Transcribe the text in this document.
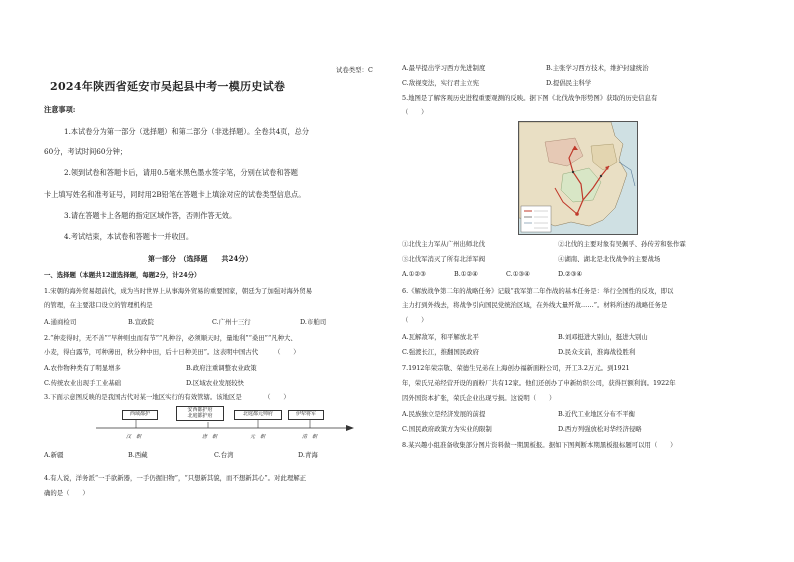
试卷类型：C
2024年陕西省延安市吴起县中考一模历史试卷
注意事项:
1.本试卷分为第一部分（选择题）和第二部分（非选择题）。全卷共4页，总分
60分，考试时间60分钟；
2.领到试卷和答题卡后，请用0.5毫米黑色墨水签字笔，分别在试卷和答题
卡上填写姓名和准考证号，同时用2B铅笔在答题卡上填涂对应的试卷类型信息点。
3.请在答题卡上各题的指定区域作答，否则作答无效。
4.考试结束，本试卷和答题卡一并收回。
第一部分　（选择题　　共24分）
一、选择题（本题共12道选择题，每题2分，计24分）
1.宋朝的海外贸易超前代，成为当时世界上从事海外贸易的重要国家，朝廷为了加强对海外贸易
的管理，在主要港口设立的管理机构是
A.通商检司	B.宣政院	C.广州十三行	D.市舶司
2.“种麦得时，无不善”“早种则虫而有节”“凡种谷，必须顺天时，量地利”“桑田”“凡种大、
小麦，得白露节，可种薄田，秋分种中田，后十日种美田”。这表明中国古代　　　（　　）
A.农作物种类有了明显增多	B.政府注重调整农业政策
C.传统农业出现手工业基础	D.区域农业发展较快
3.下面示意图反映的是我国古代对某一地区实行的有效管辖。该地区是　　　　（　　）
西域都护
安西都护府
北庭都护府	北庭都元帅府	伊犁将军
汉　朝	唐　朝	元　朝	清　朝
A.新疆	B.西藏	C.台湾	D.青海
4.有人说，洋务派“一手欲新器，一手仍握旧物”，“只想新其貌，而不想新其心”。对此理解正
确的是（　　）
A.最早提出学习西方先进制度	B.主张学习西方技术，维护封建统治
C.敌视变法，实行君主立宪	D.提倡民主科学
5.地图是了解客观历史进程重要观测的反映。据下图《北伐战争形势图》获取的历史信息有
（　　）
①北伐主力军从广州出师北伐	②北伐的主要对象有吴佩孚、孙传芳和张作霖
③北伐军消灭了所有北洋军阀	④湖南、湖北是北伐战争的主要战场
A.①②③	B.①②④	C.①③④	D.②③④
6.《解放战争第二年的战略任务》记载“我军第二年作战的基本任务是：举行全国性的反攻，即以
主力打到外线去，将战争引向国民党统治区域，在外线大量歼敌……”。材料所述的战略任务是
（　　）
A.瓦解敌军，和平解放北平	B.刘邓挺进大别山，挺进大别山
C.强渡长江，推翻国民政府	D.民众支前，淮海战役胜利
7.1912年荣宗敬、荣德生兄弟在上海创办福新面粉公司，开工3.2万元。到1921
年，荣氏兄弟经营开设的面粉厂共有12家。他们还创办了申新纺织公司，获得巨额利润。1922年
因外国资本扩张，荣氏企业出现亏损。这说明（　　）
A.民族独立是经济发展的前提	B.近代工业地区分布不平衡
C.国民政府政策方为实业的限制	D.西方列强放松对华经济侵略
8.某兴趣小组准备收集部分图片资料做一期黑板报。据如下图判断本期黑板报标题可以用（　　）
